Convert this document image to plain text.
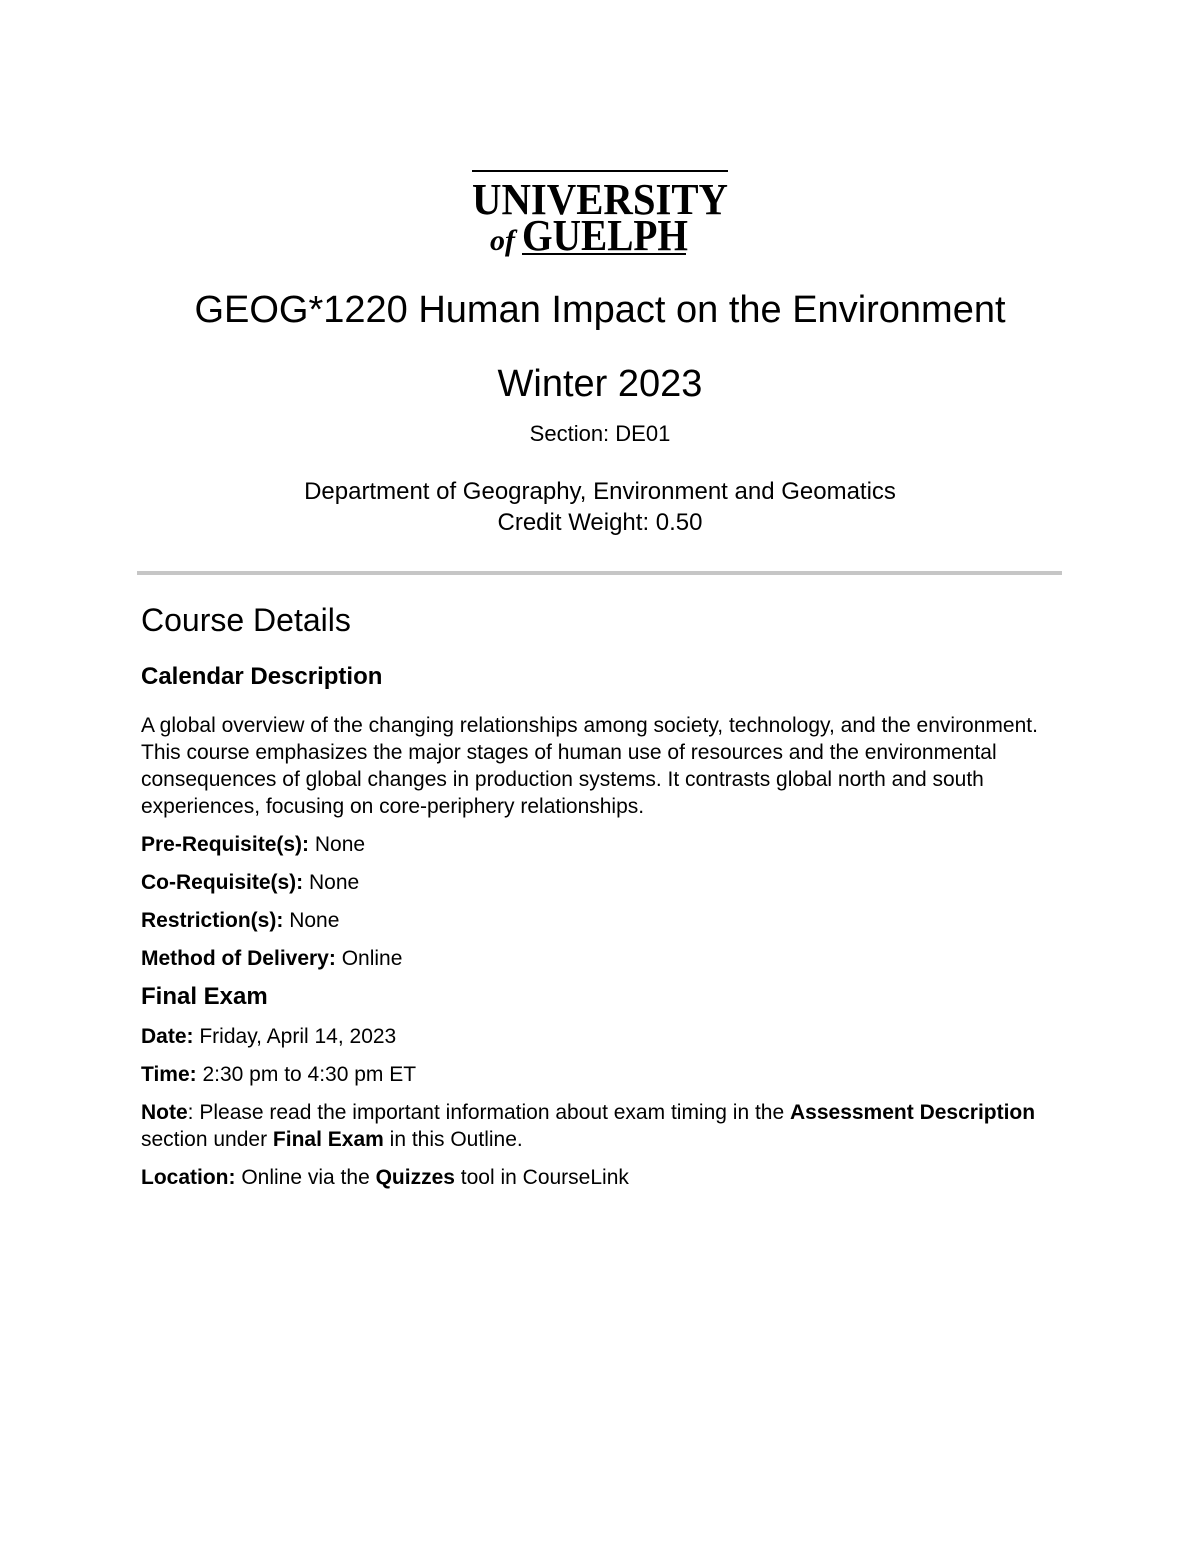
UNIVERSITY
of GUELPH
GEOG*1220 Human Impact on the Environment
Winter 2023
Section: DE01
Department of Geography, Environment and Geomatics
Credit Weight: 0.50
Course Details
Calendar Description

A global overview of the changing relationships among society, technology, and the environment. This course emphasizes the major stages of human use of resources and the environmental consequences of global changes in production systems. It contrasts global north and south experiences, focusing on core-periphery relationships.

Pre-Requisite(s): None

Co-Requisite(s): None

Restriction(s): None

Method of Delivery: Online

Final Exam

Date: Friday, April 14, 2023

Time: 2:30 pm to 4:30 pm ET

Note: Please read the important information about exam timing in the Assessment Description section under Final Exam in this Outline.

Location: Online via the Quizzes tool in CourseLink
